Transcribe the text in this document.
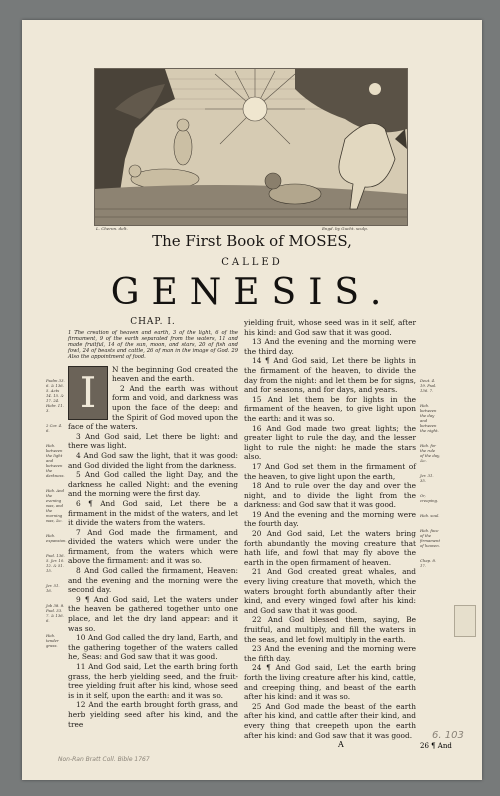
L. Cheron. delt.	Engd. by Gucht. sculp.
The First Book of MOSES,
CALLED
GENESIS.
Psalm 33. 6. & 136. 5. Acts 14. 15. & 17. 24. Hebr. 11. 3.
2 Cor. 4. 6.
Heb. between the light and between the darkness.
Heb. And the evening was, and the morning was, &c.
Heb. expansion.
Psal. 136. 5. Jer. 10. 12. & 51. 15.
Jer. 51. 16.
Job 38. 8. Psal. 33. 7. & 136. 6.
Heb. tender grass.
CHAP. I.
1 The creation of heaven and earth, 3 of the light, 6 of the firmament, 9 of the earth separated from the waters, 11 and made fruitful, 14 of the sun, moon, and stars, 20 of fish and fowl, 24 of beasts and cattle, 26 of man in the image of God. 29 Also the appointment of food.
I	N the beginning God created the heaven and the earth.

2 And the earth was without form and void, and darkness was upon the face of the deep: and the Spirit of God moved upon the face of the waters.

3 And God said, Let there be light: and there was light.

4 And God saw the light, that it was good: and God divided the light from the darkness.

5 And God called the light Day, and the darkness he called Night: and the evening and the morning were the first day.

6 ¶ And God said, Let there be a firmament in the midst of the waters, and let it divide the waters from the waters.

7 And God made the firmament, and divided the waters which were under the firmament, from the waters which were above the firmament: and it was so.

8 And God called the firmament, Heaven: and the evening and the morning were the second day.

9 ¶ And God said, Let the waters under the heaven be gathered together unto one place, and let the dry land appear: and it was so.

10 And God called the dry land, Earth, and the gathering together of the waters called he, Seas: and God saw that it was good.

11 And God said, Let the earth bring forth grass, the herb yielding seed, and the fruit-tree yielding fruit after his kind, whose seed is in it self, upon the earth: and it was so.

12 And the earth brought forth grass, and herb yielding seed after his kind, and the tree

yielding fruit, whose seed was in it self, after his kind: and God saw that it was good.

13 And the evening and the morning were the third day.

14 ¶ And God said, Let there be lights in the firmament of the heaven, to divide the day from the night: and let them be for signs, and for seasons, and for days, and years.

15 And let them be for lights in the firmament of the heaven, to give light upon the earth: and it was so.

16 And God made two great lights; the greater light to rule the day, and the lesser light to rule the night: he made the stars also.

17 And God set them in the firmament of the heaven, to give light upon the earth,

18 And to rule over the day and over the night, and to divide the light from the darkness: and God saw that it was good.

19 And the evening and the morning were the fourth day.

20 And God said, Let the waters bring forth abundantly the moving creature that hath life, and fowl that may fly above the earth in the open firmament of heaven.

21 And God created great whales, and every living creature that moveth, which the waters brought forth abundantly after their kind, and every winged fowl after his kind: and God saw that it was good.

22 And God blessed them, saying, Be fruitful, and multiply, and fill the waters in the seas, and let fowl multiply in the earth.

23 And the evening and the morning were the fifth day.

24 ¶ And God said, Let the earth bring forth the living creature after his kind, cattle, and creeping thing, and beast of the earth after his kind: and it was so.

25 And God made the beast of the earth after his kind, and cattle after their kind, and every thing that creepeth upon the earth after his kind: and God saw that it was good.

Deut. 4. 19. Psal. 136. 7.
Heb. between the day and between the night.
Heb. for the rule of the day, &c.
Jer. 31. 35.
Or, creeping.
Heb. soul.
Heb. face of the firmament of heaven.
Chap. 8. 17.
A	26 ¶ And
Non-Ran Bratt Coll. Bible 1767
6. 103
